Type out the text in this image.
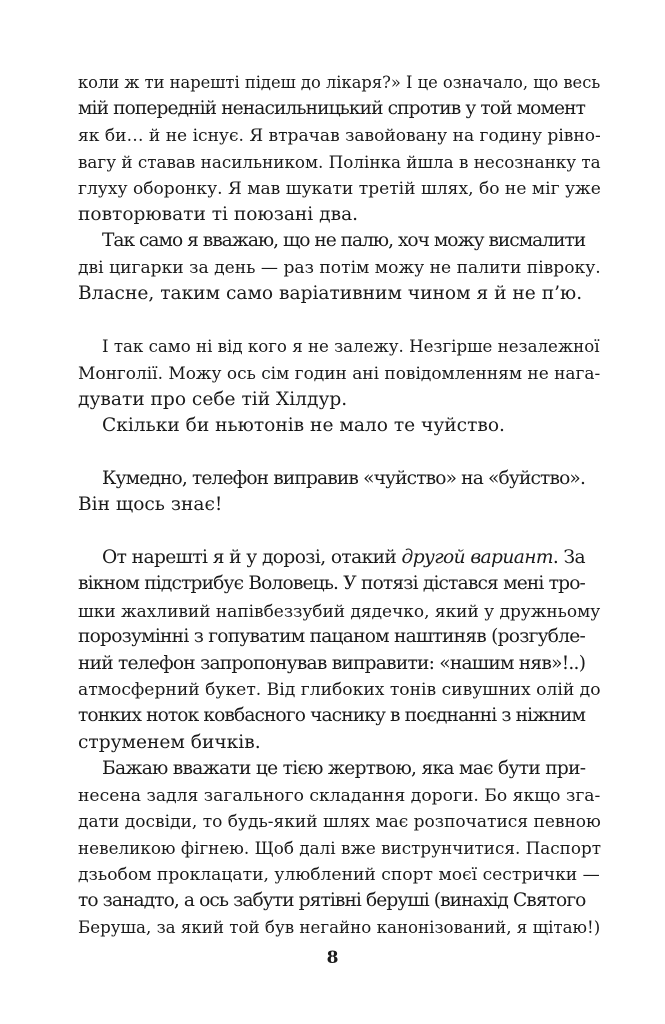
коли ж ти нарешті підеш до лікаря?» І це означало, що весь
мій попередній ненасильницький спротив у той момент
як би… й не існує. Я втрачав завойовану на годину рівно-
вагу й ставав насильником. Полінка йшла в несознанку та
глуху оборонку. Я мав шукати третій шлях, бо не міг уже
повторювати ті поюзані два.
Так само я вважаю, що не палю, хоч можу висмалити
дві цигарки за день — раз потім можу не палити півроку.
Власне, таким само варіативним чином я й не п’ю.
І так само ні від кого я не залежу. Незгірше незалежної
Монголії. Можу ось сім годин ані повідомленням не нага-
дувати про себе тій Хілдур.
Скільки би ньютонів не мало те чуйство.
Кумедно, телефон виправив «чуйство» на «буйство».
Він щось знає!
От нарешті я й у дорозі, отакий другой вариант. За
вікном підстрибує Воловець. У потязі дістався мені тро-
шки жахливий напівбеззубий дядечко, який у дружньому
порозумінні з гопуватим пацаном наштиняв (розгубле-
ний телефон запропонував виправити: «нашим няв»!..)
атмосферний букет. Від глибоких тонів сивушних олій до
тонких ноток ковбасного часнику в поєднанні з ніжним
струменем бичків.
Бажаю вважати це тією жертвою, яка має бути при-
несена задля загального складання дороги. Бо якщо зга-
дати досвіди, то будь-який шлях має розпочатися певною
невеликою фігнею. Щоб далі вже виструнчитися. Паспорт
дзьобом проклацати, улюблений спорт моєї сестрички —
то занадто, а ось забути рятівні беруші (винахід Святого
Беруша, за який той був негайно канонізований, я щітаю!)
8
